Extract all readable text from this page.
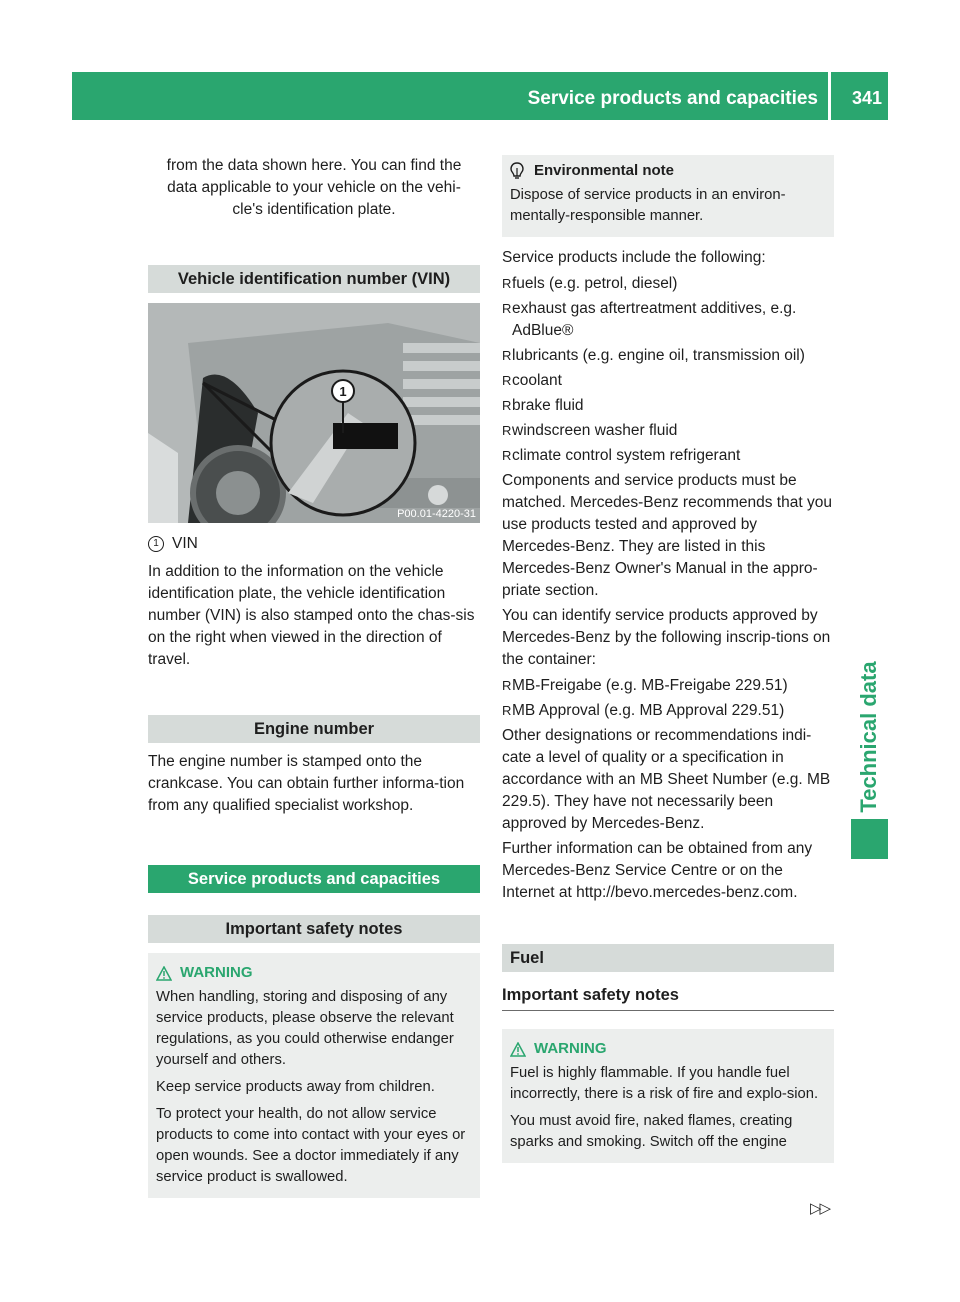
Service products and capacities 341
Technical data

from the data shown here. You can find the

data applicable to your vehicle on the vehi-

cle's identification plate.

Vehicle identification number (VIN)
1
P00.01-4220-31
1 VIN

In addition to the information on the vehicle identification plate, the vehicle identification number (VIN) is also stamped onto the chas-sis on the right when viewed in the direction of travel.

Engine number

The engine number is stamped onto the crankcase. You can obtain further informa-tion from any qualified specialist workshop.

Service products and capacities
Important safety notes
WARNING

When handling, storing and disposing of any service products, please observe the relevant regulations, as you could otherwise endanger yourself and others.

Keep service products away from children.

To protect your health, do not allow service products to come into contact with your eyes or open wounds. See a doctor immediately if any service product is swallowed.

Environmental note

Dispose of service products in an environ-mentally-responsible manner.

Service products include the following:

R fuels (e.g. petrol, diesel)
R exhaust gas aftertreatment additives, e.g. AdBlue®
R lubricants (e.g. engine oil, transmission oil)
R coolant
R brake fluid
R windscreen washer fluid
R climate control system refrigerant

Components and service products must be matched. Mercedes-Benz recommends that you use products tested and approved by Mercedes-Benz. They are listed in this Mercedes-Benz Owner's Manual in the appro-priate section.

You can identify service products approved by Mercedes-Benz by the following inscrip-tions on the container:

R MB-Freigabe (e.g. MB-Freigabe 229.51)
R MB Approval (e.g. MB Approval 229.51)

Other designations or recommendations indi-cate a level of quality or a specification in accordance with an MB Sheet Number (e.g. MB 229.5). They have not necessarily been approved by Mercedes-Benz.

Further information can be obtained from any Mercedes-Benz Service Centre or on the Internet at http://bevo.mercedes-benz.com.

Fuel
Important safety notes
WARNING

Fuel is highly flammable. If you handle fuel incorrectly, there is a risk of fire and explo-sion.

You must avoid fire, naked flames, creating sparks and smoking. Switch off the engine

▷▷
